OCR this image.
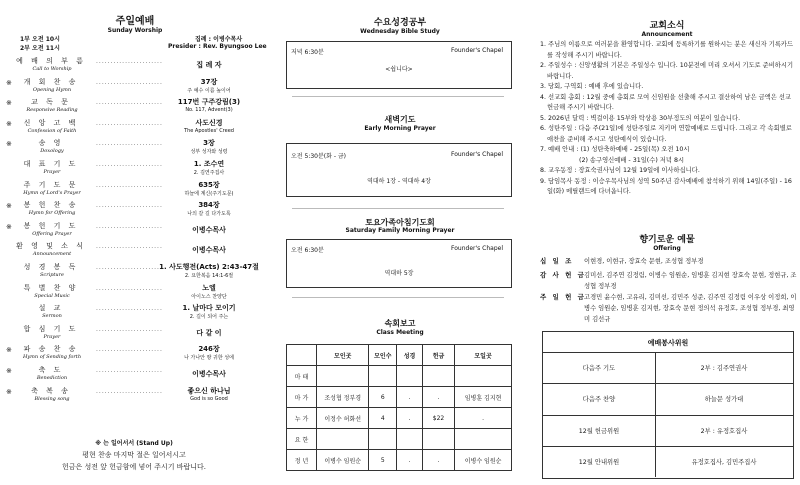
주일예배
Sunday Worship
1부 오전 10시
2부 오전 11시
집례 : 이병수목사
Presider : Rev. Byungsoo Lee
예 배 의 부 름
Call to Worship
.......................	집 례 자
※	개 회 찬 송
Opening Hymn
.......................	37장
주 예수 이름 높이어
※	교 독 문
Responsive Reading
.......................	117번 구주강림(3)
No. 117, Advent(3)
※	신 앙 고 백
Confession of Faith
.......................	사도신경
The Apostles' Creed
※	송 영
Doxology
.......................	3장
성부 성자와 성령
대 표 기 도
Prayer
.......................	1. 조수연
2. 김연주집사
주 기 도 문
Hymn of Lord's Prayer
.......................	635장
하늘에 계신(주기도문)
※	봉 헌 찬 송
Hymn for Offering
.......................	384장
나의 갈 길 다가도록
※	봉 헌 기 도
Offering Prayer
.......................	이병수목사
환 영 및 소 식
Announcement
.......................	이병수목사
성 경 봉 독
Scripture
.......................
1. 사도행전(Acts) 2:43-47절
2. 요한복음 14:1-6절
특 별 찬 양
Special Music
.......................	노엘
아이노스 찬양단
설 교
Sermon
.......................	1. 날마다 모이기
2. 길이 되어 주는
합 심 기 도
Prayer
.......................	다 같 이
※	파 송 찬 송
Hymn of Sending forth
.......................	246장
나 가나안 땅 귀한 성에
※	축 도
Benediction
.......................	이병수목사
※	축 복 송
Blessing song
.......................	좋으신 하나님
God is so Good
※ 는 일어서서 (Stand Up)
평현 찬송 마지막 절은 일어서시고
헌금은 성전 앞 헌금함에 넣어 주시기 바랍니다.
수요성경공부
Wednesday Bible Study
저녁 6:30분	Founder's Chapel
<쉽니다>
새벽기도
Early Morning Prayer
오전 5:30분(화 - 금)	Founder's Chapel
역대하 1장 - 역대하 4장
토요가족아침기도회
Saturday Family Morning Prayer
오전 6:30분	Founder's Chapel
역대하 5장
속회보고
Class Meeting
	모인곳	모인수	성경	헌금	모일곳
마 태					
마 가	조성협 정부경	6	.	.	임병훈 김지현
누 가	이정수 허화선	4	.	$22	.
요 한					
정 년	이병수 임원순	5	.	.	이병수 임원순
교회소식
Announcement
1. 주님의 이름으로 여러분을 환영합니다. 교회에 등록하기를 원하시는 분은 새신자 기록카드를 작성해 주시기 바랍니다.
2. 주일성수 : 신앙생활의 기본은 주일성수 입니다. 10분전에 미리 오셔서 기도로 준비하시기 바랍니다.
3. 당회, 구역회 : 예배 후에 있습니다.
4. 선교회 총회 : 12월 중에 총회로 모여 신임원을 선출해 주시고 결산하여 남은 금액은 선교헌금해 주시기 바랍니다.
5. 2026년 달력 : 벽걸이용 15부와 탁상용 30부정도의 여분이 있습니다.
6. 성탄주일 : 다음 주(21일)에 성탄주일로 지키며 연합예배로 드립니다. 그리고 각 속회별로 애찬을 준비해 주시고 성탄예식이 있습니다.
7. 예배 안내 : (1) 성탄축하예배 - 25일(목) 오전 10시
(2) 송구영신예배 - 31일(수) 저녁 8시
8. 교우동정 : 장효숙권사님이 12월 19일에 이사하십니다.
9. 담임목사 동정 : 이승우목사님의 성역 50주년 감사예배에 참석하기 위해 14일(주일) - 16일(화) 메릴랜드에 다녀옵니다.
향기로운 예물
Offering
십 일 조 이현경, 이현규, 장효숙 문현, 조성협 정부경
감 사 헌 금
김미선, 김주연 김정림, 이병수 임원순, 임병훈 김지현 장효숙 문현, 정현규, 조성협 정부경
주 일 헌 금
고경민 윤수현, 고유리, 김미선, 김민주 성준, 김주연 김정림 이우상 이정희, 이병수 임원순, 임병훈 김지현, 장효숙 문현 정의석 유정호, 조성협 정부경, 최영미 김선규
예배봉사위원
다음주 기도	2부 : 김주연권사
다음주 찬양	하늘문 성가대
12월 헌금위원	2부 : 유정호집사
12월 안내위원	유정호집사, 김민주집사
